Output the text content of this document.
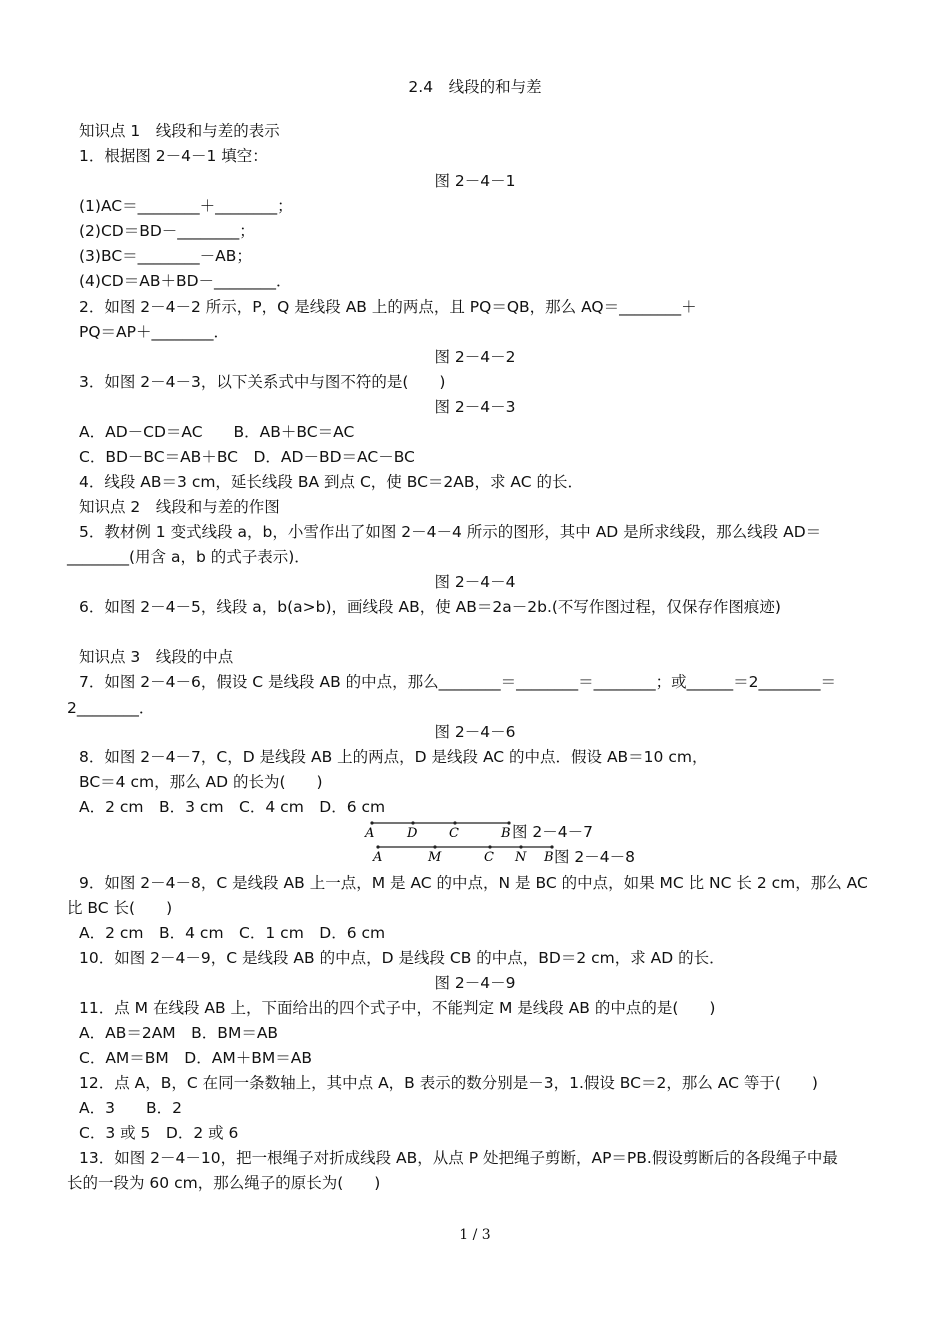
2.4　线段的和与差
知识点 1　线段和与差的表示
1．根据图 2－4－1 填空：
图 2－4－1
(1)AC＝________＋________；
(2)CD＝BD－________；
(3)BC＝________－AB；
(4)CD＝AB＋BD－________．
2．如图 2－4－2 所示，P，Q 是线段 AB 上的两点，且 PQ＝QB，那么 AQ＝________＋
PQ＝AP＋________．
图 2－4－2
3．如图 2－4－3，以下关系式中与图不符的是(　　)
图 2－4－3
A．AD－CD＝AC　　B．AB＋BC＝AC
C．BD－BC＝AB＋BC　D．AD－BD＝AC－BC
4．线段 AB＝3 cm，延长线段 BA 到点 C，使 BC＝2AB，求 AC 的长．
知识点 2　线段和与差的作图
5．教材例 1 变式线段 a，b，小雪作出了如图 2－4－4 所示的图形，其中 AD 是所求线段，那么线段 AD＝
________(用含 a，b 的式子表示)．
图 2－4－4
6．如图 2－4－5，线段 a，b(a>b)，画线段 AB，使 AB＝2a－2b.(不写作图过程，仅保存作图痕迹)
知识点 3　线段的中点
7．如图 2－4－6，假设 C 是线段 AB 的中点，那么________＝________＝________；或______＝2________＝
2________．
图 2－4－6
8．如图 2－4－7，C，D 是线段 AB 上的两点，D 是线段 AC 的中点．假设 AB＝10 cm，
BC＝4 cm，那么 AD 的长为(　　)
A．2 cm　B．3 cm　C．4 cm　D．6 cm
A	D C	B 图 2－4－7
A	M	C N B 图 2－4－8
9．如图 2－4－8，C 是线段 AB 上一点，M 是 AC 的中点，N 是 BC 的中点，如果 MC 比 NC 长 2 cm，那么 AC
比 BC 长(　　)
A．2 cm　B．4 cm　C．1 cm　D．6 cm
10．如图 2－4－9，C 是线段 AB 的中点，D 是线段 CB 的中点，BD＝2 cm，求 AD 的长．
图 2－4－9
11．点 M 在线段 AB 上，下面给出的四个式子中，不能判定 M 是线段 AB 的中点的是(　　)
A．AB＝2AM　B．BM＝AB
C．AM＝BM　D．AM＋BM＝AB
12．点 A，B，C 在同一条数轴上，其中点 A，B 表示的数分别是－3，1.假设 BC＝2，那么 AC 等于(　　)
A．3　　B．2
C．3 或 5　D．2 或 6
13．如图 2－4－10，把一根绳子对折成线段 AB，从点 P 处把绳子剪断，AP＝PB.假设剪断后的各段绳子中最
长的一段为 60 cm，那么绳子的原长为(　　)
1 / 3
